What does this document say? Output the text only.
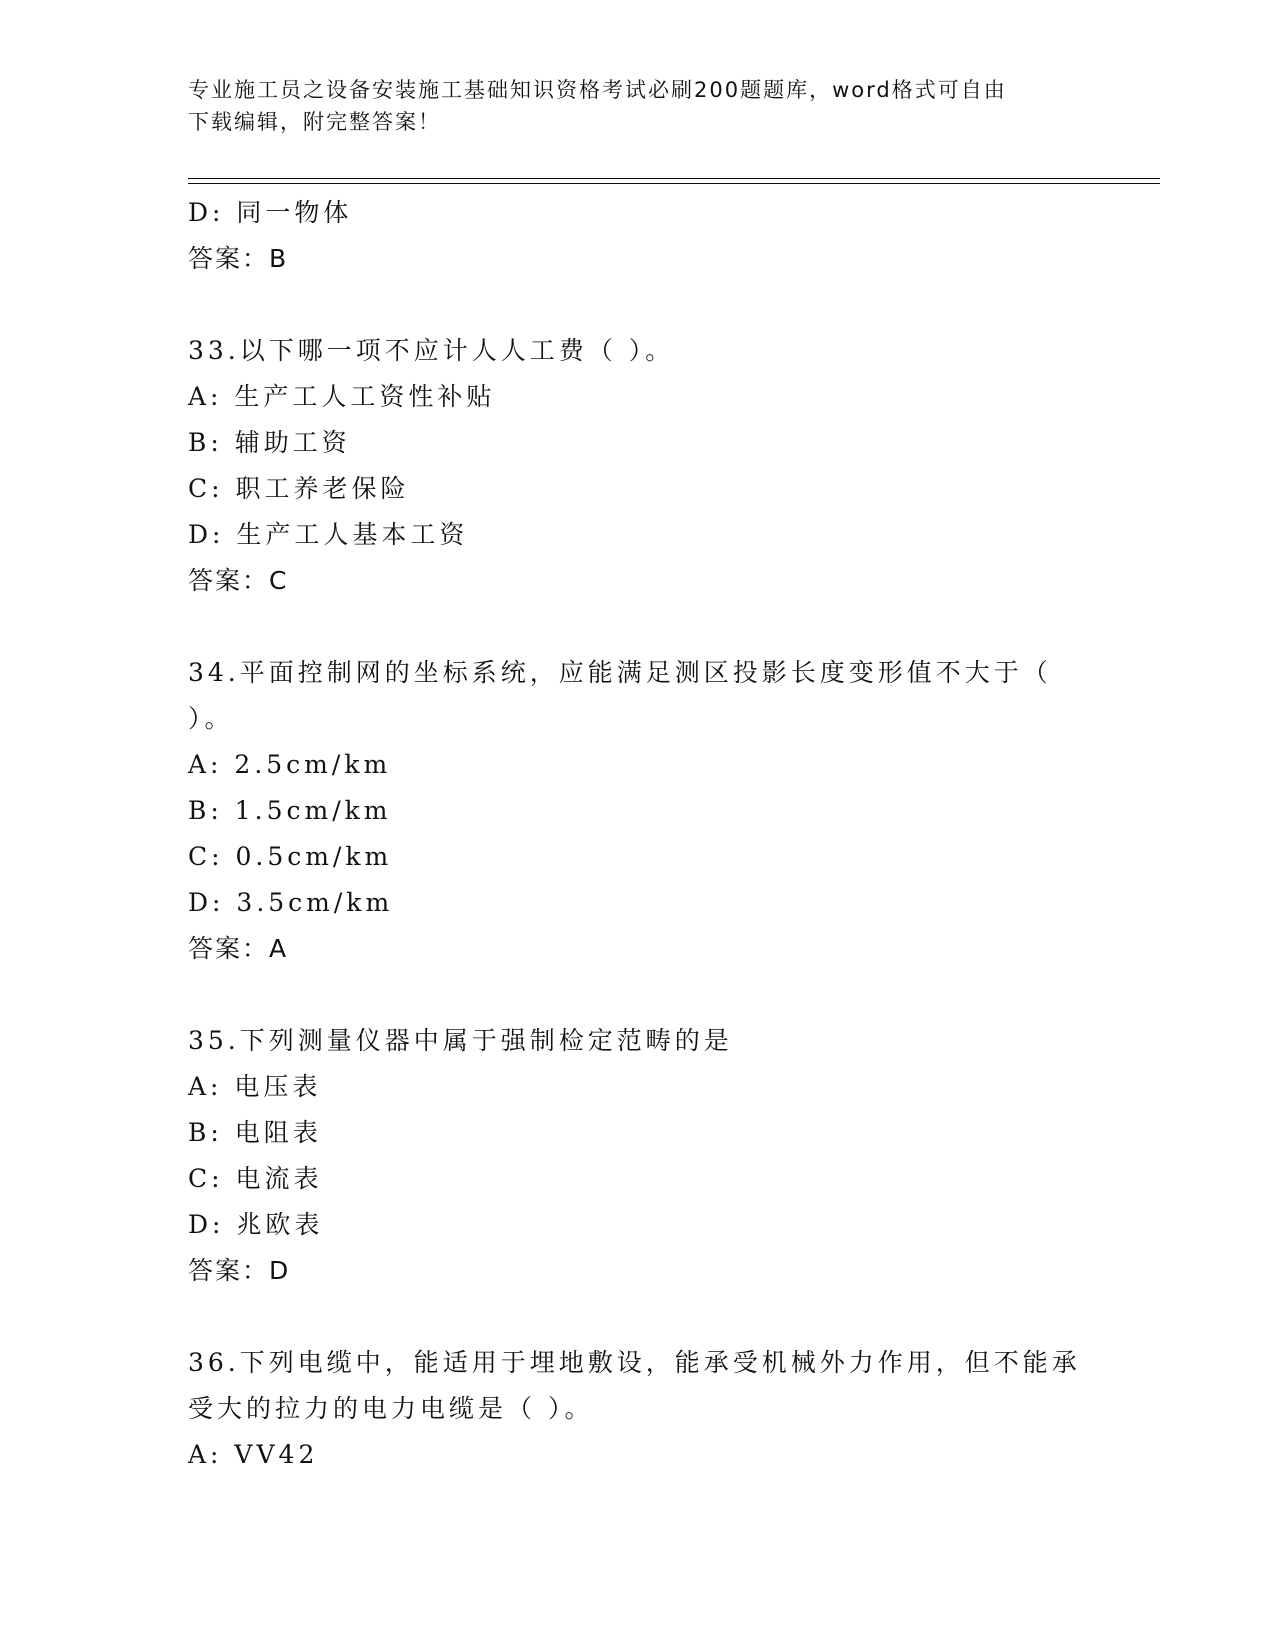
专业施工员之设备安装施工基础知识资格考试必刷200题题库，word格式可自由
下载编辑，附完整答案！
D: 同一物体
答案：B
33.以下哪一项不应计人人工费（ ）。
A: 生产工人工资性补贴
B: 辅助工资
C: 职工养老保险
D: 生产工人基本工资
答案：C
34.平面控制网的坐标系统，应能满足测区投影长度变形值不大于（
）。
A: 2.5cm/km
B: 1.5cm/km
C: 0.5cm/km
D: 3.5cm/km
答案：A
35.下列测量仪器中属于强制检定范畴的是
A: 电压表
B: 电阻表
C: 电流表
D: 兆欧表
答案：D
36.下列电缆中，能适用于埋地敷设，能承受机械外力作用，但不能承
受大的拉力的电力电缆是（ ）。
A: VV42
